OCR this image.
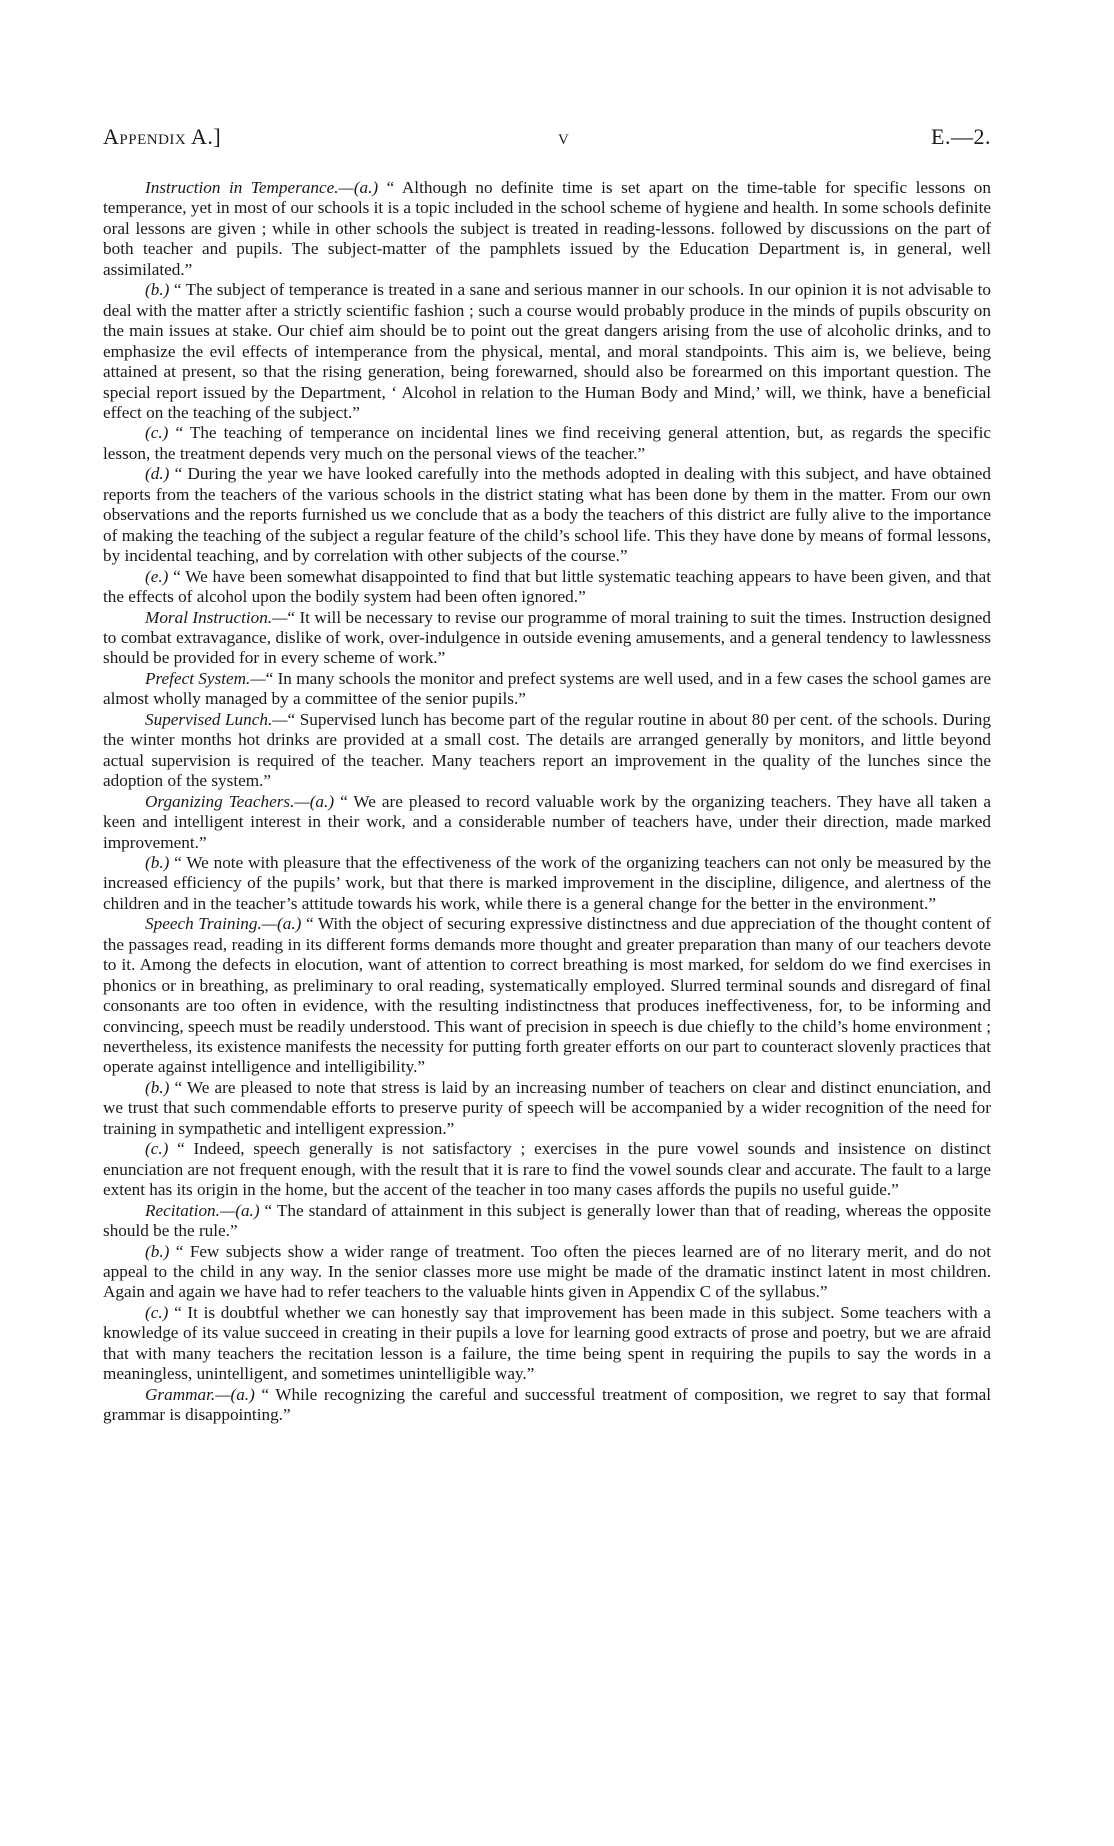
Appendix A.]	v	E.—2.

Instruction in Temperance.—(a.) “ Although no definite time is set apart on the time-table for specific lessons on temperance, yet in most of our schools it is a topic included in the school scheme of hygiene and health. In some schools definite oral lessons are given ; while in other schools the subject is treated in reading-lessons. followed by discussions on the part of both teacher and pupils. The subject-matter of the pamphlets issued by the Education Department is, in general, well assimilated.”

(b.) “ The subject of temperance is treated in a sane and serious manner in our schools. In our opinion it is not advisable to deal with the matter after a strictly scientific fashion ; such a course would probably produce in the minds of pupils obscurity on the main issues at stake. Our chief aim should be to point out the great dangers arising from the use of alcoholic drinks, and to emphasize the evil effects of intemperance from the physical, mental, and moral standpoints. This aim is, we believe, being attained at present, so that the rising generation, being forewarned, should also be forearmed on this important question. The special report issued by the Department, ‘ Alcohol in relation to the Human Body and Mind,’ will, we think, have a beneficial effect on the teaching of the subject.”

(c.) “ The teaching of temperance on incidental lines we find receiving general attention, but, as regards the specific lesson, the treatment depends very much on the personal views of the teacher.”

(d.) “ During the year we have looked carefully into the methods adopted in dealing with this subject, and have obtained reports from the teachers of the various schools in the district stating what has been done by them in the matter. From our own observations and the reports furnished us we conclude that as a body the teachers of this district are fully alive to the importance of making the teaching of the subject a regular feature of the child’s school life. This they have done by means of formal lessons, by incidental teaching, and by correlation with other subjects of the course.”

(e.) “ We have been somewhat disappointed to find that but little systematic teaching appears to have been given, and that the effects of alcohol upon the bodily system had been often ignored.”

Moral Instruction.—“ It will be necessary to revise our programme of moral training to suit the times. Instruction designed to combat extravagance, dislike of work, over-indulgence in outside evening amusements, and a general tendency to lawlessness should be provided for in every scheme of work.”

Prefect System.—“ In many schools the monitor and prefect systems are well used, and in a few cases the school games are almost wholly managed by a committee of the senior pupils.”

Supervised Lunch.—“ Supervised lunch has become part of the regular routine in about 80 per cent. of the schools. During the winter months hot drinks are provided at a small cost. The details are arranged generally by monitors, and little beyond actual supervision is required of the teacher. Many teachers report an improvement in the quality of the lunches since the adoption of the system.”

Organizing Teachers.—(a.) “ We are pleased to record valuable work by the organizing teachers. They have all taken a keen and intelligent interest in their work, and a considerable number of teachers have, under their direction, made marked improvement.”

(b.) “ We note with pleasure that the effectiveness of the work of the organizing teachers can not only be measured by the increased efficiency of the pupils’ work, but that there is marked improvement in the discipline, diligence, and alertness of the children and in the teacher’s attitude towards his work, while there is a general change for the better in the environment.”

Speech Training.—(a.) “ With the object of securing expressive distinctness and due appreciation of the thought content of the passages read, reading in its different forms demands more thought and greater preparation than many of our teachers devote to it. Among the defects in elocution, want of attention to correct breathing is most marked, for seldom do we find exercises in phonics or in breathing, as preliminary to oral reading, systematically employed. Slurred terminal sounds and disregard of final consonants are too often in evidence, with the resulting indistinctness that produces ineffectiveness, for, to be informing and convincing, speech must be readily understood. This want of precision in speech is due chiefly to the child’s home environment ; nevertheless, its existence manifests the necessity for putting forth greater efforts on our part to counteract slovenly practices that operate against intelligence and intelligibility.”

(b.) “ We are pleased to note that stress is laid by an increasing number of teachers on clear and distinct enunciation, and we trust that such commendable efforts to preserve purity of speech will be accompanied by a wider recognition of the need for training in sympathetic and intelligent expression.”

(c.) “ Indeed, speech generally is not satisfactory ; exercises in the pure vowel sounds and insistence on distinct enunciation are not frequent enough, with the result that it is rare to find the vowel sounds clear and accurate. The fault to a large extent has its origin in the home, but the accent of the teacher in too many cases affords the pupils no useful guide.”

Recitation.—(a.) “ The standard of attainment in this subject is generally lower than that of reading, whereas the opposite should be the rule.”

(b.) “ Few subjects show a wider range of treatment. Too often the pieces learned are of no literary merit, and do not appeal to the child in any way. In the senior classes more use might be made of the dramatic instinct latent in most children. Again and again we have had to refer teachers to the valuable hints given in Appendix C of the syllabus.”

(c.) “ It is doubtful whether we can honestly say that improvement has been made in this subject. Some teachers with a knowledge of its value succeed in creating in their pupils a love for learning good extracts of prose and poetry, but we are afraid that with many teachers the recitation lesson is a failure, the time being spent in requiring the pupils to say the words in a meaningless, unintelligent, and sometimes unintelligible way.”

Grammar.—(a.) “ While recognizing the careful and successful treatment of composition, we regret to say that formal grammar is disappointing.”
